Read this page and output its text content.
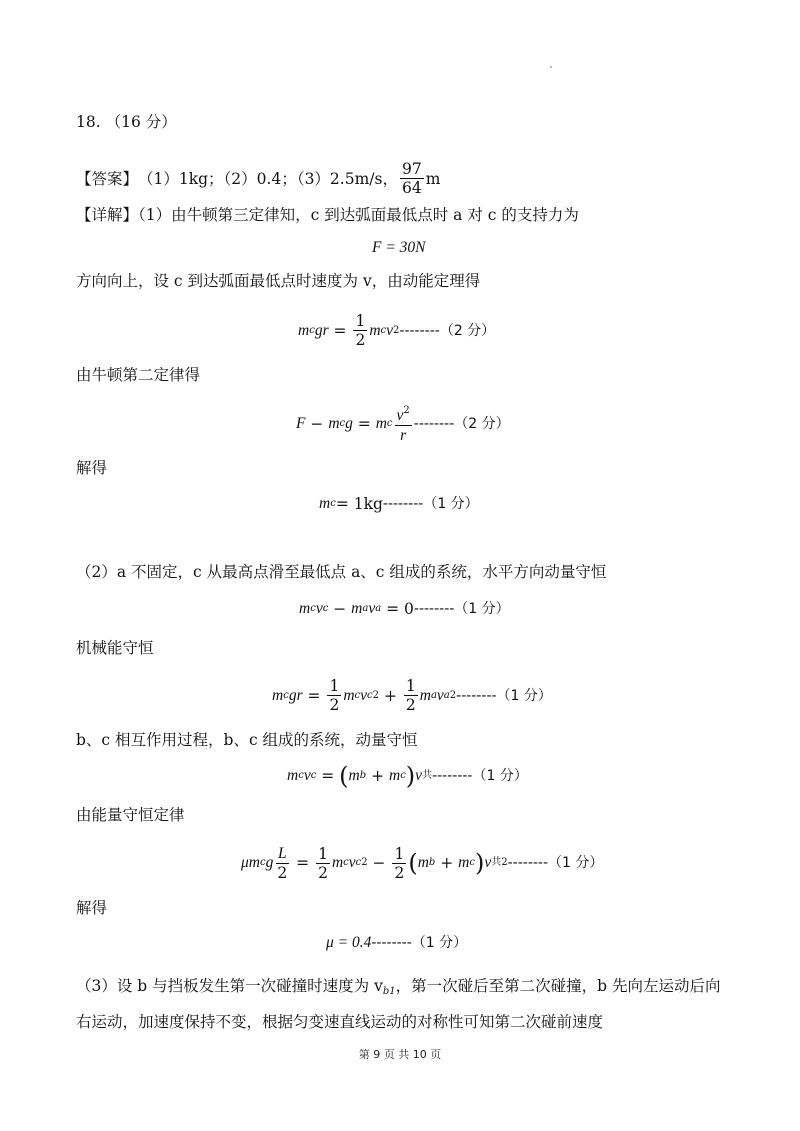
18. （16 分）
【答案】 （1）1kg；（2）0.4；（3）2.5m/s， $\frac{97}{64}$ m
【详解】（1）由牛顿第三定律知，c 到达弧面最低点时 a 对 c 的支持力为
F = 30N
方向向上，设 c 到达弧面最低点时速度为 v，由动能定理得
m c gr = $\frac{1}{2}$ m c v 2 --------（2 分）
由牛顿第二定律得
F − m c g = m c $\frac{v^2}{r} --------(2$ 分）
解得
m c = 1kg --------（1 分）
（2）a 不固定，c 从最高点滑至最低点 a、c 组成的系统，水平方向动量守恒
m c v c − m a v a = 0 --------（1 分）
机械能守恒
m c gr = $\frac{1}{2}$ m c v c $2 + \frac{1}{2}$ m a v a 2 --------（1 分）
b、c 相互作用过程，b、c 组成的系统，动量守恒
m c v c = ( m b + m c ) v 共 --------（1 分）
由能量守恒定律
μm c g $\frac{L}{2} = \frac{1}{2}$ m c v c $2 - \frac{1}{2}$ ( m b + m c ) v 共 2 --------（1 分）
解得
μ = 0.4 --------（1 分）
（3）设 b 与挡板发生第一次碰撞时速度为 $v_{b1}$，第一次碰后至第二次碰撞，b 先向左运动后向
右运动，加速度保持不变，根据匀变速直线运动的对称性可知第二次碰前速度
第 9 页 共 10 页
